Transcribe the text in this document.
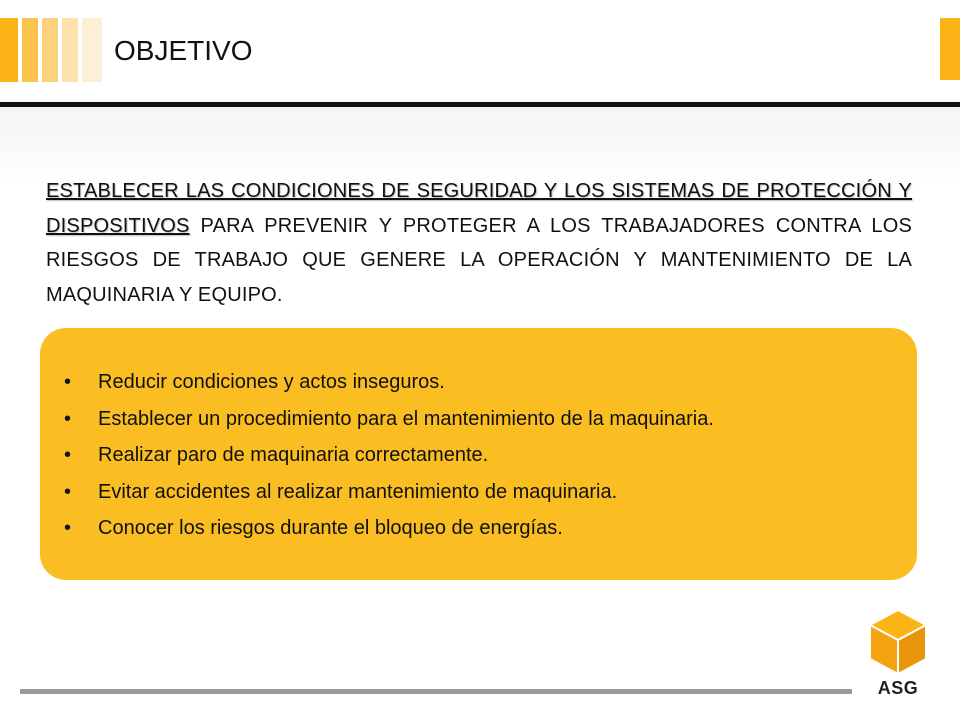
OBJETIVO

ESTABLECER LAS CONDICIONES DE SEGURIDAD Y LOS SISTEMAS DE PROTECCIÓN Y DISPOSITIVOS PARA PREVENIR Y PROTEGER A LOS TRABAJADORES CONTRA LOS RIESGOS DE TRABAJO QUE GENERE LA OPERACIÓN Y MANTENIMIENTO DE LA MAQUINARIA Y EQUIPO.

• Reducir condiciones y actos inseguros.
• Establecer un procedimiento para el mantenimiento de la maquinaria.
• Realizar paro de maquinaria correctamente.
• Evitar accidentes al realizar mantenimiento de maquinaria.
• Conocer los riesgos durante el bloqueo de energías.
ASG
